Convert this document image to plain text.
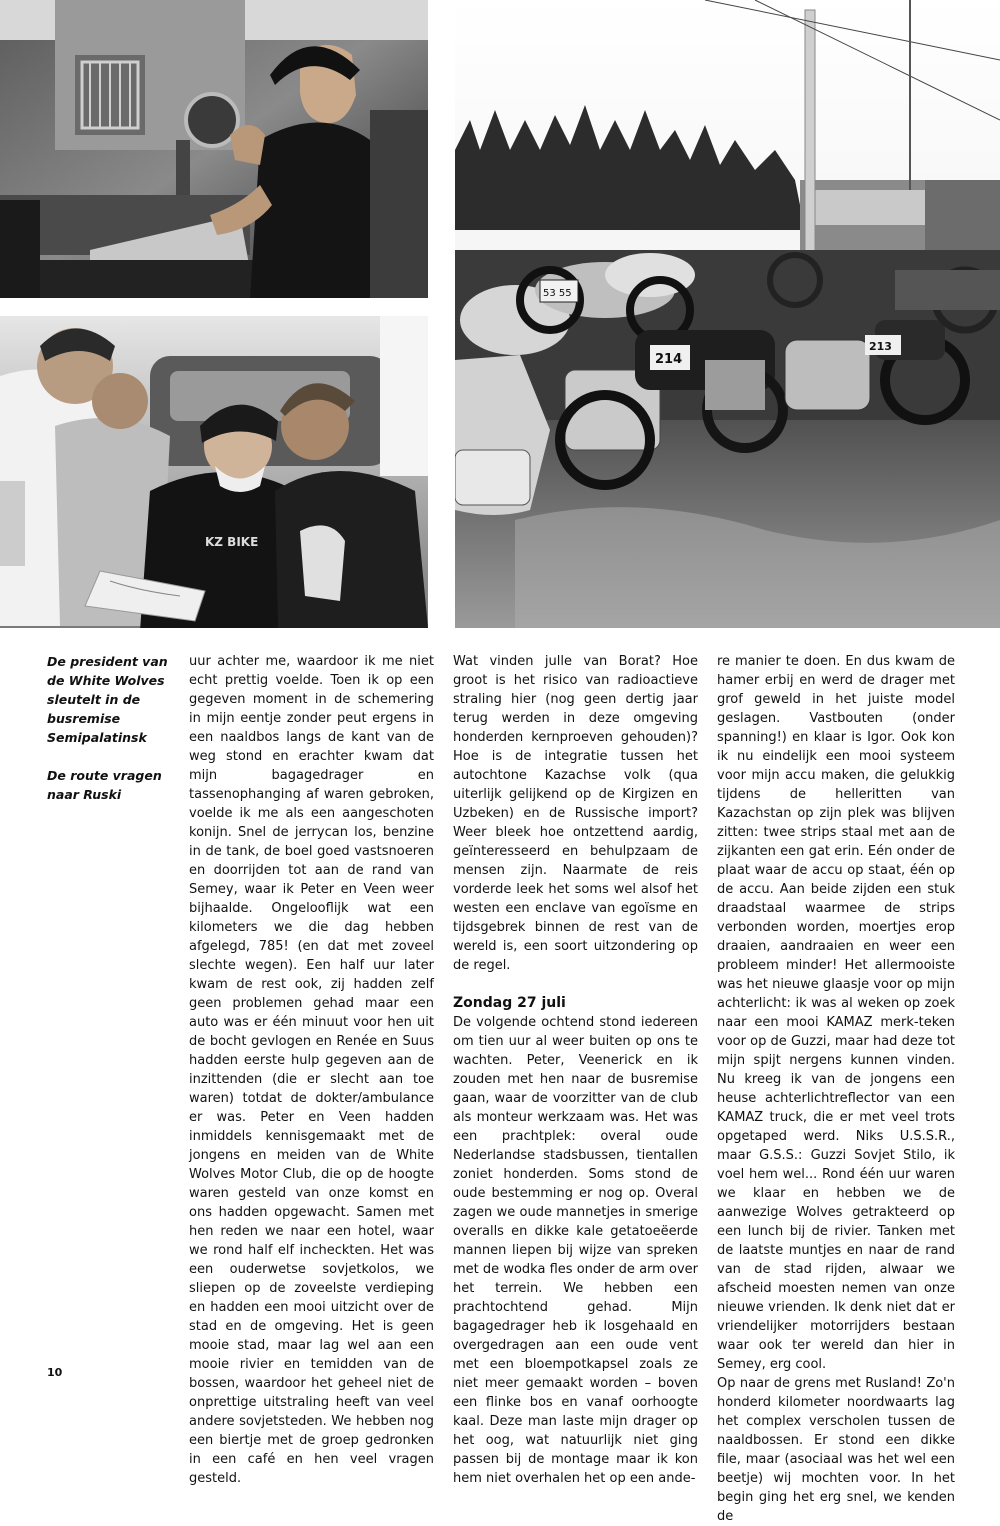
KZ BIKE
53 55
214
213

De president van de White Wolves sleutelt in de busremise Semipalatinsk

De route vragen naar Ruski

uur achter me, waardoor ik me niet echt prettig voelde. Toen ik op een gegeven moment in de schemering in mijn eentje zonder peut ergens in een naaldbos langs de kant van de weg stond en erachter kwam dat mijn bagagedrager en tassenophanging af waren gebroken, voelde ik me als een aangeschoten konijn. Snel de jerrycan los, benzine in de tank, de boel goed vastsnoeren en doorrijden tot aan de rand van Semey, waar ik Peter en Veen weer bijhaalde. Ongelooflijk wat een kilometers we die dag hebben afgelegd, 785! (en dat met zoveel slechte wegen). Een half uur later kwam de rest ook, zij hadden zelf geen problemen gehad maar een auto was er één minuut voor hen uit de bocht gevlogen en Renée en Suus hadden eerste hulp gegeven aan de inzittenden (die er slecht aan toe waren) totdat de dokter/ambulance er was. Peter en Veen hadden inmiddels kennisgemaakt met de jongens en meiden van de White Wolves Motor Club, die op de hoogte waren gesteld van onze komst en ons hadden opgewacht. Samen met hen reden we naar een hotel, waar we rond half elf incheckten. Het was een ouderwetse sovjetkolos, we sliepen op de zoveelste verdieping en hadden een mooi uitzicht over de stad en de omgeving. Het is geen mooie stad, maar lag wel aan een mooie rivier en temidden van de bossen, waardoor het geheel niet de onprettige uitstraling heeft van veel andere sovjetsteden. We hebben nog een biertje met de groep gedronken in een café en hen veel vragen gesteld.

Wat vinden julle van Borat? Hoe groot is het risico van radioactieve straling hier (nog geen dertig jaar terug werden in deze omgeving honderden kernproeven gehouden)? Hoe is de integratie tussen het autochtone Kazachse volk (qua uiterlijk gelijkend op de Kirgizen en Uzbeken) en de Russische import? Weer bleek hoe ontzettend aardig, geïnteresseerd en behulpzaam de mensen zijn. Naarmate de reis vorderde leek het soms wel alsof het westen een enclave van egoïsme en tijdsgebrek binnen de rest van de wereld is, een soort uitzondering op de regel.

Zondag 27 juli

De volgende ochtend stond iedereen om tien uur al weer buiten op ons te wachten. Peter, Veenerick en ik zouden met hen naar de busremise gaan, waar de voorzitter van de club als monteur werkzaam was. Het was een prachtplek: overal oude Nederlandse stadsbussen, tientallen zoniet honderden. Soms stond de oude bestemming er nog op. Overal zagen we oude mannetjes in smerige overalls en dikke kale getatoeëerde mannen liepen bij wijze van spreken met de wodka fles onder de arm over het terrein. We hebben een prachtochtend gehad. Mijn bagagedrager heb ik losgehaald en overgedragen aan een oude vent met een bloempotkapsel zoals ze niet meer gemaakt worden – boven een flinke bos en vanaf oorhoogte kaal. Deze man laste mijn drager op het oog, wat natuurlijk niet ging passen bij de montage maar ik kon hem niet overhalen het op een ande-

re manier te doen. En dus kwam de hamer erbij en werd de drager met grof geweld in het juiste model geslagen. Vastbouten (onder spanning!) en klaar is Igor. Ook kon ik nu eindelijk een mooi systeem voor mijn accu maken, die gelukkig tijdens de helleritten van Kazachstan op zijn plek was blijven zitten: twee strips staal met aan de zijkanten een gat erin. Eén onder de plaat waar de accu op staat, één op de accu. Aan beide zijden een stuk draadstaal waarmee de strips verbonden worden, moertjes erop draaien, aandraaien en weer een probleem minder! Het allermooiste was het nieuwe glaasje voor op mijn achterlicht: ik was al weken op zoek naar een mooi KAMAZ merk-teken voor op de Guzzi, maar had deze tot mijn spijt nergens kunnen vinden. Nu kreeg ik van de jongens een heuse achterlichtreflector van een KAMAZ truck, die er met veel trots opgetaped werd. Niks U.S.S.R., maar G.S.S.: Guzzi Sovjet Stilo, ik voel hem wel... Rond één uur waren we klaar en hebben we de aanwezige Wolves getrakteerd op een lunch bij de rivier. Tanken met de laatste muntjes en naar de rand van de stad rijden, alwaar we afscheid moesten nemen van onze nieuwe vrienden. Ik denk niet dat er vriendelijker motorrijders bestaan waar ook ter wereld dan hier in Semey, erg cool.

Op naar de grens met Rusland! Zo'n honderd kilometer noordwaarts lag het complex verscholen tussen de naaldbossen. Er stond een dikke file, maar (asociaal was het wel een beetje) wij mochten voor. In het begin ging het erg snel, we kenden de

10
